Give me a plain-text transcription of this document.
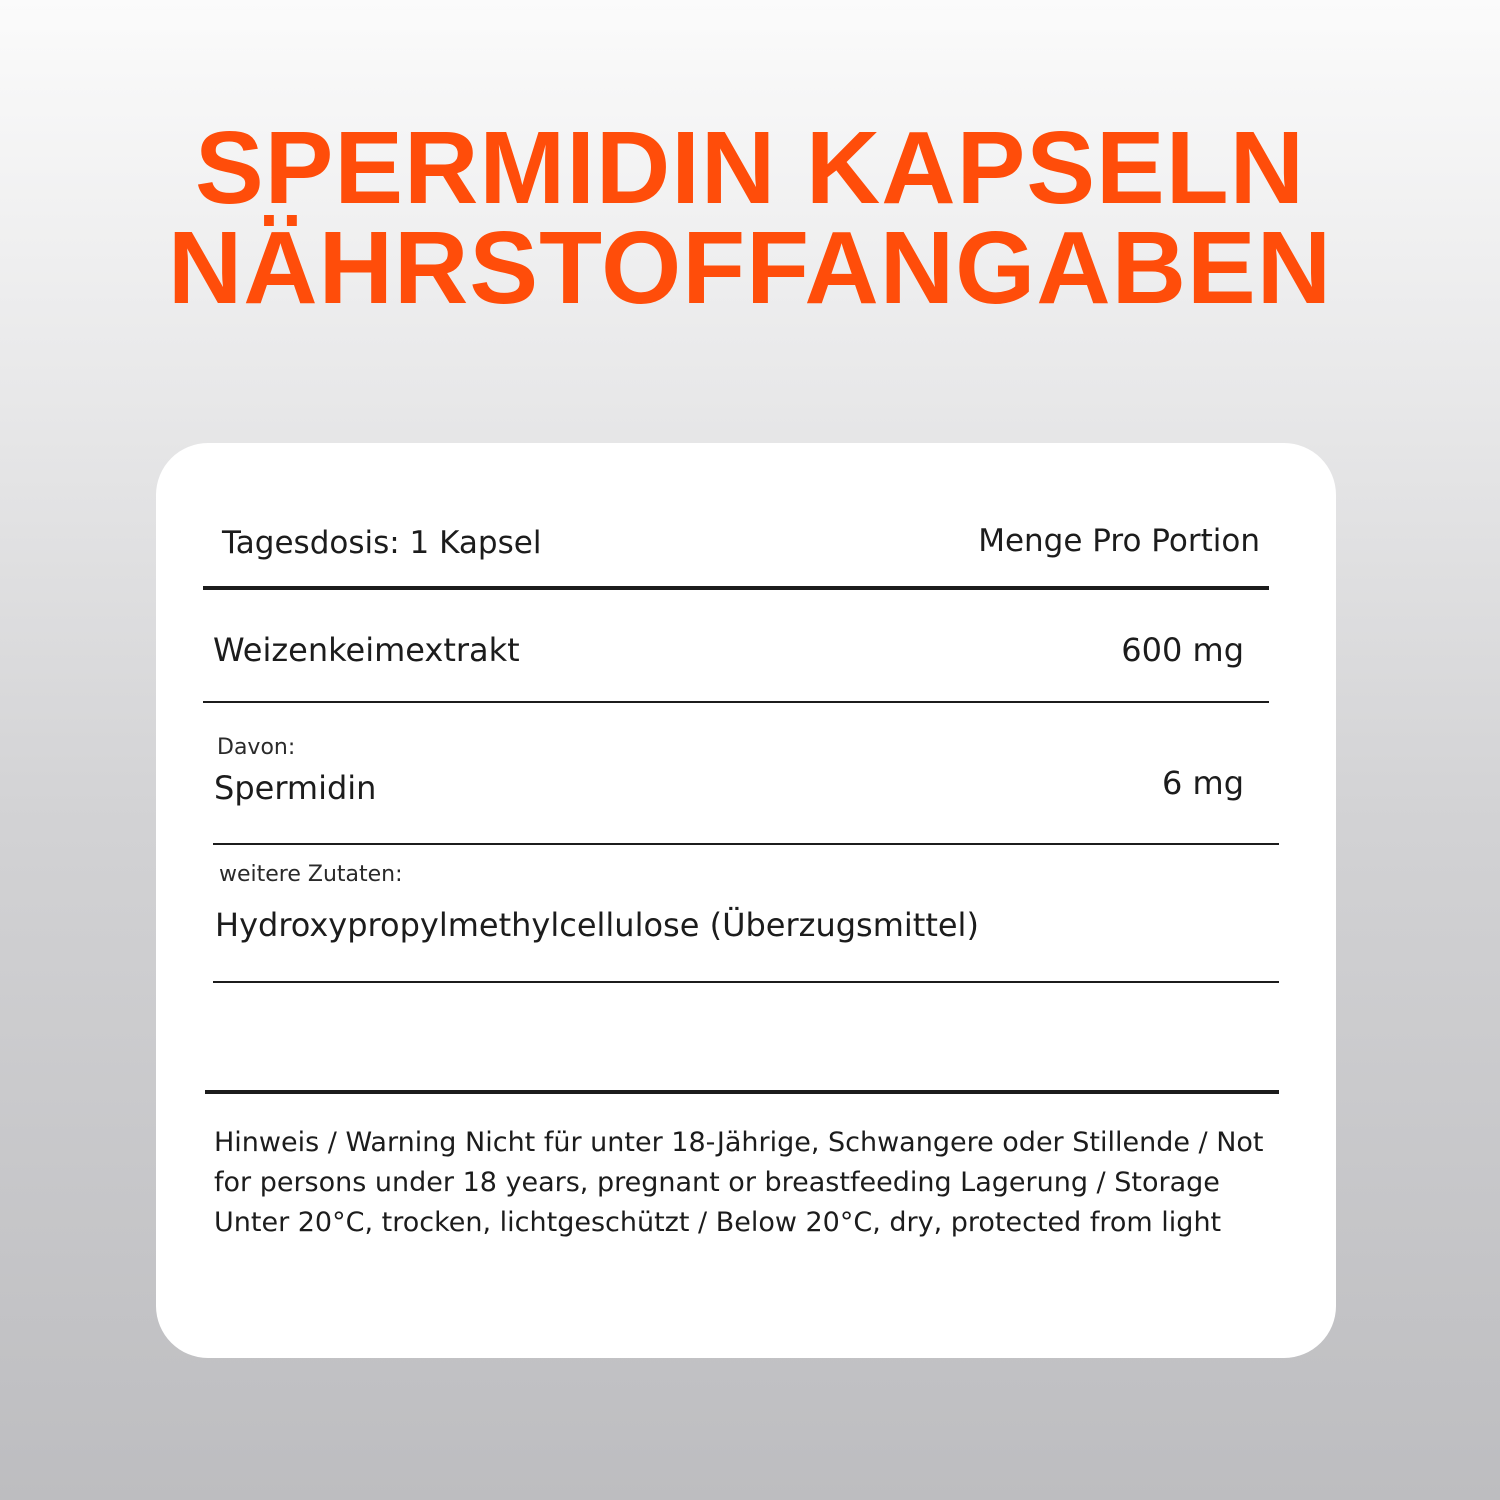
SPERMIDIN KAPSELN
NÄHRSTOFFANGABEN
Tagesdosis: 1 Kapsel	Menge Pro Portion
Weizenkeimextrakt	600 mg
Davon:
Spermidin	6 mg
weitere Zutaten:
Hydroxypropylmethylcellulose (Überzugsmittel)

Hinweis / Warning Nicht für unter 18-Jährige, Schwangere oder Stillende / Not for persons under 18 years, pregnant or breastfeeding Lagerung / Storage Unter 20°C, trocken, lichtgeschützt / Below 20°C, dry, protected from light
